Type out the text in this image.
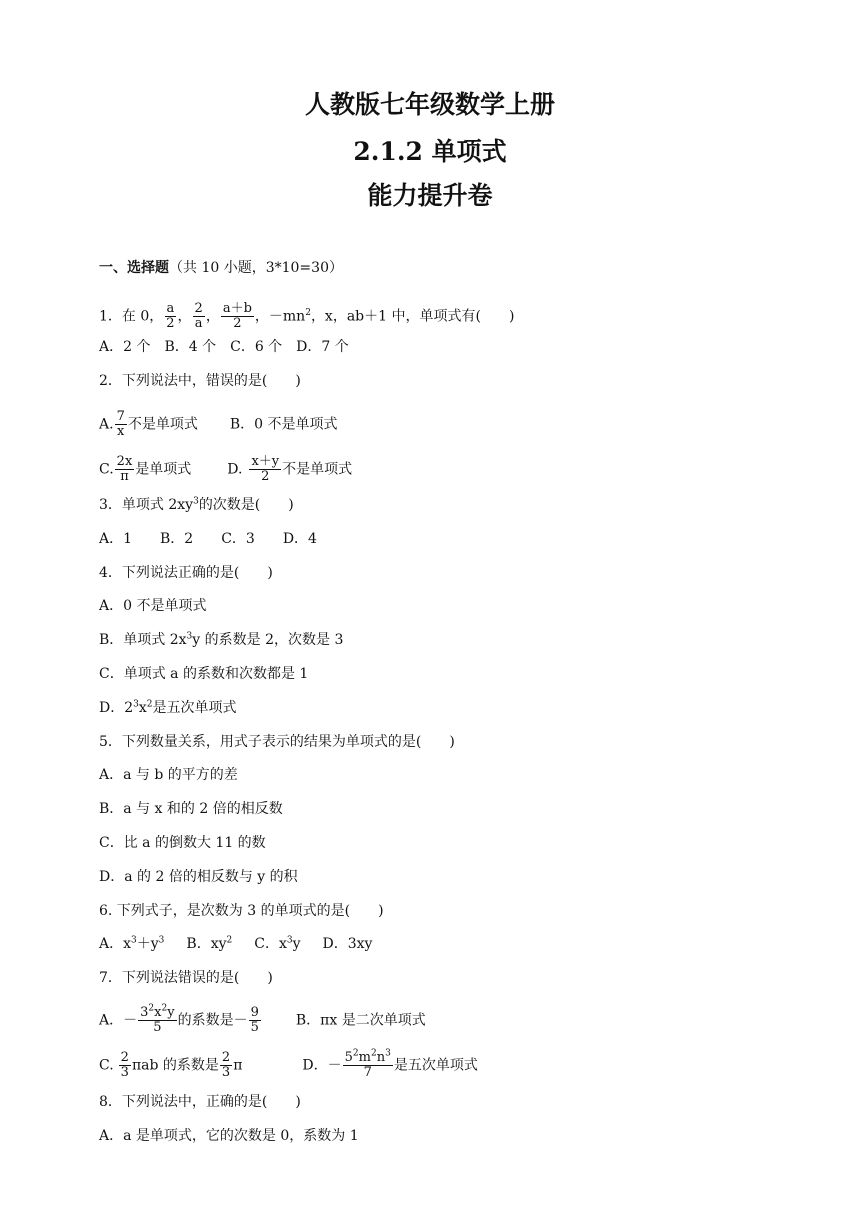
人教版七年级数学上册
2.1.2 单项式
能力提升卷
一、选择题（共 10 小题，3*10=30）
1．在 0， $\frac{a}{2}$ ， $\frac{2}{a}$ ， $\frac{a+b}{2}$ ，$-mn^2$，x，ab＋1 中，单项式有(　　)
A．2 个　B．4 个　C．6 个　D．7 个
2．下列说法中，错误的是(　　)
A. $\frac{7}{x}$ 不是单项式 B．0 不是单项式
C. $\frac{2x}{\pi}$ 是单项式	D. $\frac{x+y}{2}$ 不是单项式
3．单项式 $2xy^3$的次数是(　　)
A．1　　B．2　　C．3　　D．4
4．下列说法正确的是(　　)
A．0 不是单项式
B．单项式 $2x^3y$ 的系数是 2，次数是 3
C．单项式 a 的系数和次数都是 1
D．$2^3x^2$是五次单项式
5．下列数量关系，用式子表示的结果为单项式的是(　　)
A．a 与 b 的平方的差
B．a 与 x 和的 2 倍的相反数
C．比 a 的倒数大 11 的数
D．a 的 2 倍的相反数与 y 的积
6. 下列式子，是次数为 3 的单项式的是(　　)
A．$x^3+y^3$ B．$xy^2$ C．$x^3y$ D．3xy
7．下列说法错误的是(　　)
A．－ $\frac{3^2x^2y}{5}$ 的系数是－ $\frac{9}{5}$	B．πx 是二次单项式
C. $\frac{2}{3}$ πab 的系数是 $\frac{2}{3}$ π	D．－ $\frac{5^2m^2n^3}{7}$ 是五次单项式
8．下列说法中，正确的是(　　)
A．a 是单项式，它的次数是 0，系数为 1
